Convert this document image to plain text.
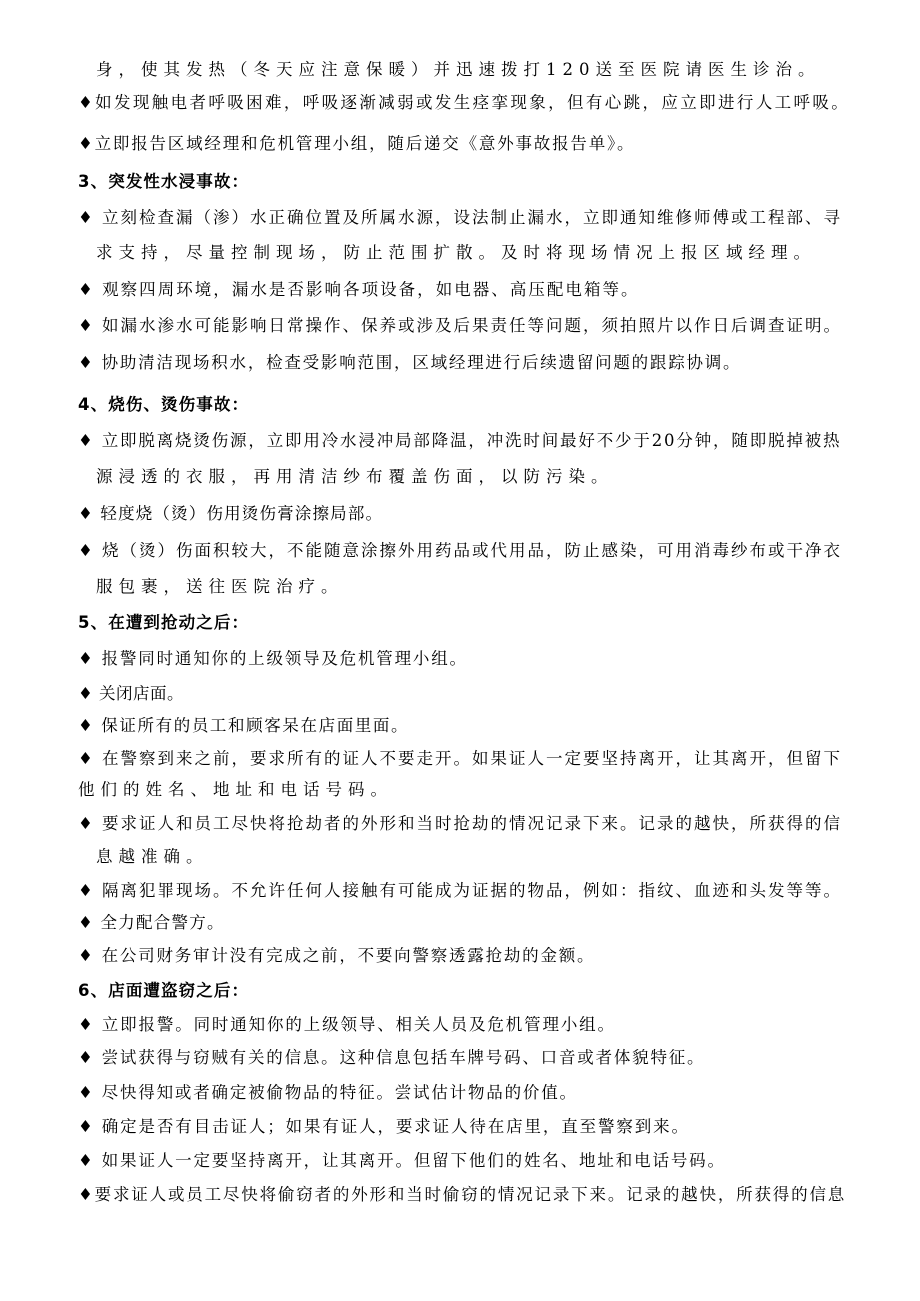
身，使其发热（冬天应注意保暖）并迅速拨打120送至医院请医生诊治。
♦如发现触电者呼吸困难，呼吸逐渐减弱或发生痉挛现象，但有心跳，应立即进行人工呼吸。
♦立即报告区域经理和危机管理小组，随后递交《意外事故报告单》。
3、突发性水浸事故：
♦ 立刻检查漏（渗）水正确位置及所属水源，设法制止漏水，立即通知维修师傅或工程部、寻
求支持，尽量控制现场，防止范围扩散。及时将现场情况上报区域经理。
♦ 观察四周环境，漏水是否影响各项设备，如电器、高压配电箱等。
♦ 如漏水渗水可能影响日常操作、保养或涉及后果责任等问题，须拍照片以作日后调查证明。
♦ 协助清洁现场积水，检查受影响范围，区域经理进行后续遗留问题的跟踪协调。
4、烧伤、烫伤事故：
♦ 立即脱离烧烫伤源，立即用冷水浸冲局部降温，冲洗时间最好不少于20分钟，随即脱掉被热
源浸透的衣服，再用清洁纱布覆盖伤面，以防污染。
♦ 轻度烧（烫）伤用烫伤膏涂擦局部。
♦ 烧（烫）伤面积较大，不能随意涂擦外用药品或代用品，防止感染，可用消毒纱布或干净衣
服包裹，送往医院治疗。
5、在遭到抢动之后：
♦ 报警同时通知你的上级领导及危机管理小组。
♦ 关闭店面。
♦ 保证所有的员工和顾客呆在店面里面。
♦ 在警察到来之前，要求所有的证人不要走开。如果证人一定要坚持离开，让其离开，但留下
他们的姓名、地址和电话号码。
♦ 要求证人和员工尽快将抢劫者的外形和当时抢劫的情况记录下来。记录的越快，所获得的信
息越准确。
♦ 隔离犯罪现场。不允许任何人接触有可能成为证据的物品，例如：指纹、血迹和头发等等。
♦ 全力配合警方。
♦ 在公司财务审计没有完成之前，不要向警察透露抢劫的金额。
6、店面遭盗窃之后：
♦ 立即报警。同时通知你的上级领导、相关人员及危机管理小组。
♦ 尝试获得与窃贼有关的信息。这种信息包括车牌号码、口音或者体貌特征。
♦ 尽快得知或者确定被偷物品的特征。尝试估计物品的价值。
♦ 确定是否有目击证人；如果有证人，要求证人待在店里，直至警察到来。
♦ 如果证人一定要坚持离开，让其离开。但留下他们的姓名、地址和电话号码。
♦要求证人或员工尽快将偷窃者的外形和当时偷窃的情况记录下来。记录的越快，所获得的信息
